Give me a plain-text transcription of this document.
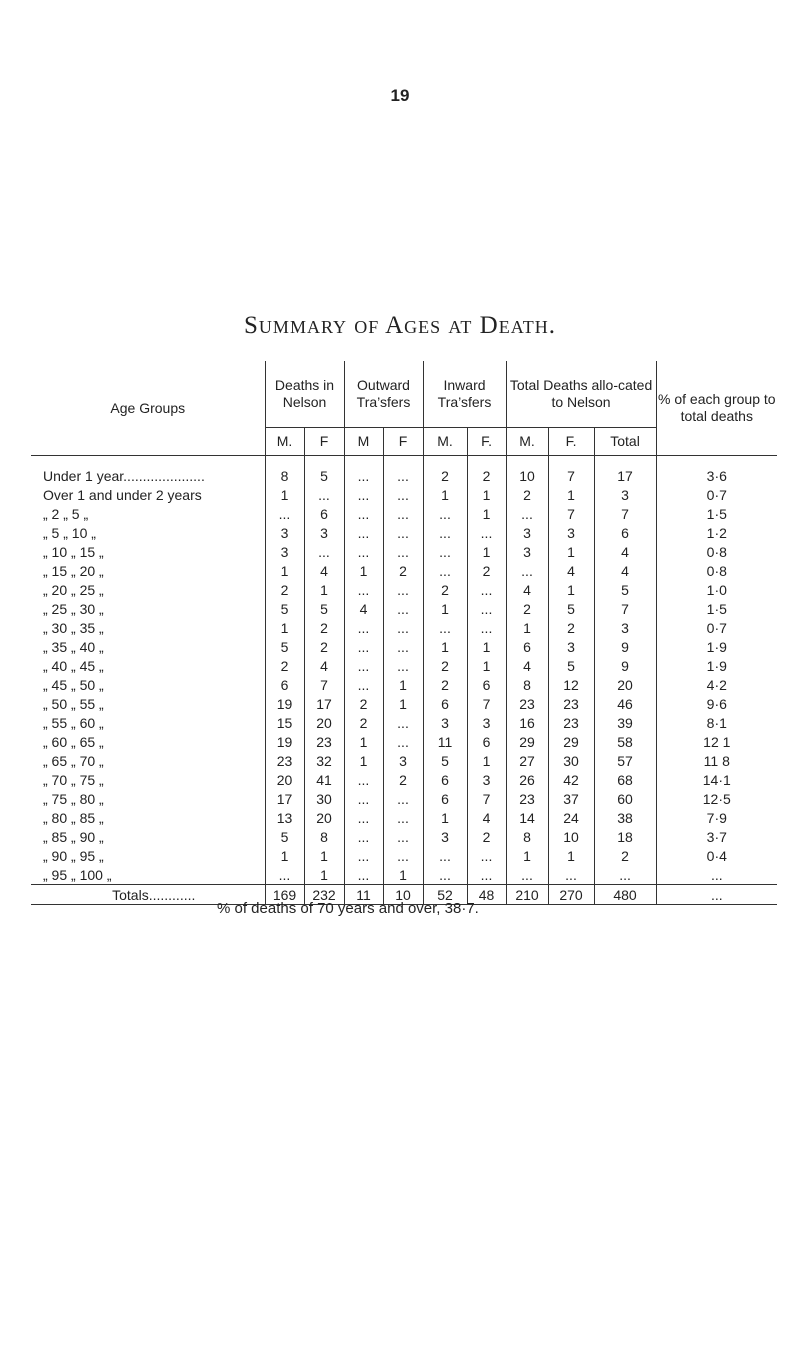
19
Summary of Ages at Death.
Age Groups	Deaths in Nelson		Outward Tra’sfers		Inward Tra’sfers		Total Deaths allo-cated to Nelson			% of each group to total deaths
	M.	F	M	F	M.	F.	M.	F.	Total	
Under 1 year.....................	8	5	...	...	2	2	10	7	17	3·6
Over 1 and under 2 years	1	...	...	...	1	1	2	1	3	0·7
„ 2 „ 5 „	...	6	...	...	...	1	...	7	7	1·5
„ 5 „ 10 „	3	3	...	...	...	...	3	3	6	1·2
„ 10 „ 15 „	3	...	...	...	...	1	3	1	4	0·8
„ 15 „ 20 „	1	4	1	2	...	2	...	4	4	0·8
„ 20 „ 25 „	2	1	...	...	2	...	4	1	5	1·0
„ 25 „ 30 „	5	5	4	...	1	...	2	5	7	1·5
„ 30 „ 35 „	1	2	...	...	...	...	1	2	3	0·7
„ 35 „ 40 „	5	2	...	...	1	1	6	3	9	1·9
„ 40 „ 45 „	2	4	...	...	2	1	4	5	9	1·9
„ 45 „ 50 „	6	7	...	1	2	6	8	12	20	4·2
„ 50 „ 55 „	19	17	2	1	6	7	23	23	46	9·6
„ 55 „ 60 „	15	20	2	...	3	3	16	23	39	8·1
„ 60 „ 65 „	19	23	1	...	11	6	29	29	58	12 1
„ 65 „ 70 „	23	32	1	3	5	1	27	30	57	11 8
„ 70 „ 75 „	20	41	...	2	6	3	26	42	68	14·1
„ 75 „ 80 „	17	30	...	...	6	7	23	37	60	12·5
„ 80 „ 85 „	13	20	...	...	1	4	14	24	38	7·9
„ 85 „ 90 „	5	8	...	...	3	2	8	10	18	3·7
„ 90 „ 95 „	1	1	...	...	...	...	1	1	2	0·4
„ 95 „ 100 „	...	1	...	1	...	...	...	...	...	...
Totals............	169	232	11	10	52	48	210	270	480	...
% of deaths of 70 years and over, 38·7.
